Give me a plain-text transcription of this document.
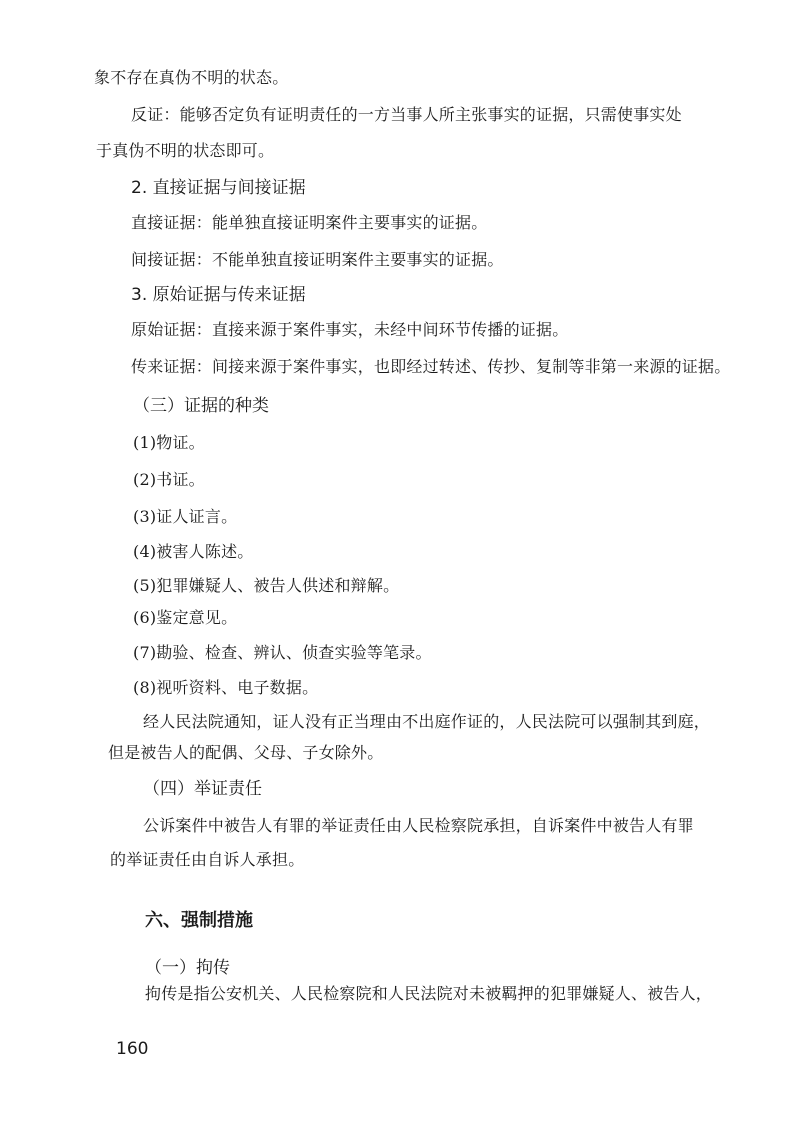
象不存在真伪不明的状态。
反证：能够否定负有证明责任的一方当事人所主张事实的证据，只需使事实处
于真伪不明的状态即可。
2. 直接证据与间接证据
直接证据：能单独直接证明案件主要事实的证据。
间接证据：不能单独直接证明案件主要事实的证据。
3. 原始证据与传来证据
原始证据：直接来源于案件事实，未经中间环节传播的证据。
传来证据：间接来源于案件事实，也即经过转述、传抄、复制等非第一来源的证据。
（三）证据的种类
(1)物证。
(2)书证。
(3)证人证言。
(4)被害人陈述。
(5)犯罪嫌疑人、被告人供述和辩解。
(6)鉴定意见。
(7)勘验、检查、辨认、侦查实验等笔录。
(8)视听资料、电子数据。
经人民法院通知，证人没有正当理由不出庭作证的，人民法院可以强制其到庭，
但是被告人的配偶、父母、子女除外。
（四）举证责任
公诉案件中被告人有罪的举证责任由人民检察院承担，自诉案件中被告人有罪
的举证责任由自诉人承担。
六、强制措施
（一）拘传
拘传是指公安机关、人民检察院和人民法院对未被羁押的犯罪嫌疑人、被告人，
160
